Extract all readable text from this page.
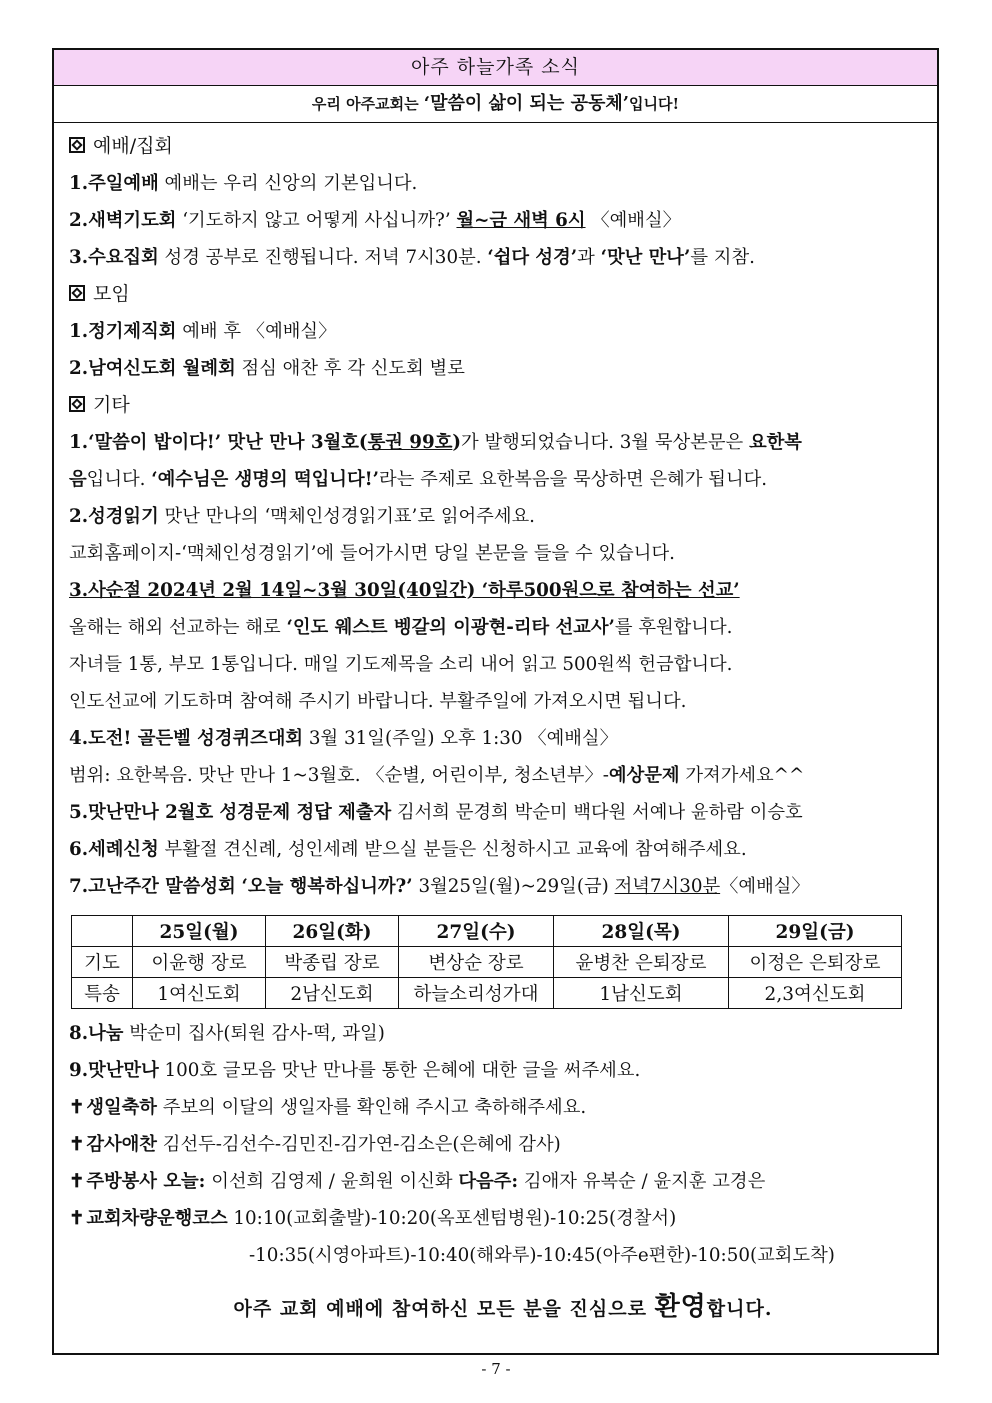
아주 하늘가족 소식
우리 아주교회는 ‘말씀이 삶이 되는 공동체’입니다!
예배/집회
1.주일예배 예배는 우리 신앙의 기본입니다.
2.새벽기도회 ‘기도하지 않고 어떻게 사십니까?’ 월~금 새벽 6시 〈예배실〉
3.수요집회 성경 공부로 진행됩니다. 저녁 7시30분. ‘쉽다 성경’과 ‘맛난 만나’를 지참.
모임
1.정기제직회 예배 후 〈예배실〉
2.남여신도회 월례회 점심 애찬 후 각 신도회 별로
기타
1.‘말씀이 밥이다!’ 맛난 만나 3월호(통권 99호)가 발행되었습니다. 3월 묵상본문은 요한복
음입니다. ‘예수님은 생명의 떡입니다!’라는 주제로 요한복음을 묵상하면 은혜가 됩니다.
2.성경읽기 맛난 만나의 ‘맥체인성경읽기표’로 읽어주세요.
교회홈페이지-‘맥체인성경읽기’에 들어가시면 당일 본문을 들을 수 있습니다.
3.사순절 2024년 2월 14일~3월 30일(40일간) ‘하루500원으로 참여하는 선교’
올해는 해외 선교하는 해로 ‘인도 웨스트 벵갈의 이광현-리타 선교사’를 후원합니다.
자녀들 1통, 부모 1통입니다. 매일 기도제목을 소리 내어 읽고 500원씩 헌금합니다.
인도선교에 기도하며 참여해 주시기 바랍니다. 부활주일에 가져오시면 됩니다.
4.도전! 골든벨 성경퀴즈대회 3월 31일(주일) 오후 1:30 〈예배실〉
범위: 요한복음. 맛난 만나 1~3월호. 〈순별, 어린이부, 청소년부〉-예상문제 가져가세요^^
5.맛난만나 2월호 성경문제 정답 제출자 김서희 문경희 박순미 백다원 서예나 윤하람 이승호
6.세례신청 부활절 견신례, 성인세례 받으실 분들은 신청하시고 교육에 참여해주세요.
7.고난주간 말씀성회 ‘오늘 행복하십니까?’ 3월25일(월)~29일(금) 저녁7시30분〈예배실〉
	25일(월)	26일(화)	27일(수)	28일(목)	29일(금)
기도	이윤행 장로	박종립 장로	변상순 장로	윤병찬 은퇴장로	이정은 은퇴장로
특송	1여신도회	2남신도회	하늘소리성가대	1남신도회	2,3여신도회
8.나눔 박순미 집사(퇴원 감사-떡, 과일)
9.맛난만나 100호 글모음 맛난 만나를 통한 은혜에 대한 글을 써주세요.
✝ 생일축하 주보의 이달의 생일자를 확인해 주시고 축하해주세요.
✝ 감사애찬 김선두-김선수-김민진-김가연-김소은(은혜에 감사)
✝ 주방봉사 오늘: 이선희 김영제 / 윤희원 이신화 다음주: 김애자 유복순 / 윤지훈 고경은
✝ 교회차량운행코스 10:10(교회출발)-10:20(옥포센텀병원)-10:25(경찰서)
-10:35(시영아파트)-10:40(해와루)-10:45(아주e편한)-10:50(교회도착)
아주 교회 예배에 참여하신 모든 분을 진심으로 환영합니다.
- 7 -
